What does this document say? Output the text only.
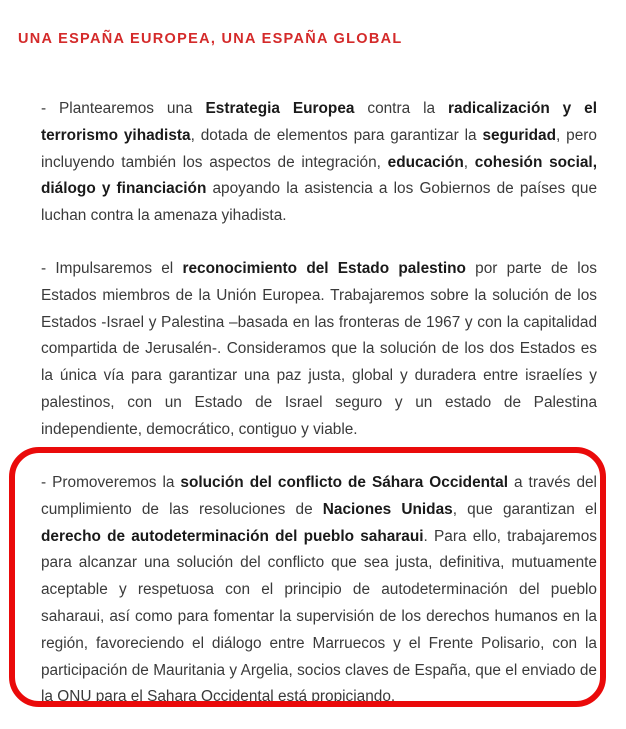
UNA ESPAÑA EUROPEA, UNA ESPAÑA GLOBAL

- Plantearemos una Estrategia Europea contra la radicalización y el terrorismo yihadista, dotada de elementos para garantizar la seguridad, pero incluyendo también los aspectos de integración, educación, cohesión social, diálogo y financiación apoyando la asistencia a los Gobiernos de países que luchan contra la amenaza yihadista.

- Impulsaremos el reconocimiento del Estado palestino por parte de los Estados miembros de la Unión Europea. Trabajaremos sobre la solución de los Estados -Israel y Palestina –basada en las fronteras de 1967 y con la capitalidad compartida de Jerusalén-. Consideramos que la solución de los dos Estados es la única vía para garantizar una paz justa, global y duradera entre israelíes y palestinos, con un Estado de Israel seguro y un estado de Palestina independiente, democrático, contiguo y viable.

- Promoveremos la solución del conflicto de Sáhara Occidental a través del cumplimiento de las resoluciones de Naciones Unidas, que garantizan el derecho de autodeterminación del pueblo saharaui. Para ello, trabajaremos para alcanzar una solución del conflicto que sea justa, definitiva, mutuamente aceptable y respetuosa con el principio de autodeterminación del pueblo saharaui, así como para fomentar la supervisión de los derechos humanos en la región, favoreciendo el diálogo entre Marruecos y el Frente Polisario, con la participación de Mauritania y Argelia, socios claves de España, que el enviado de la ONU para el Sahara Occidental está propiciando.
